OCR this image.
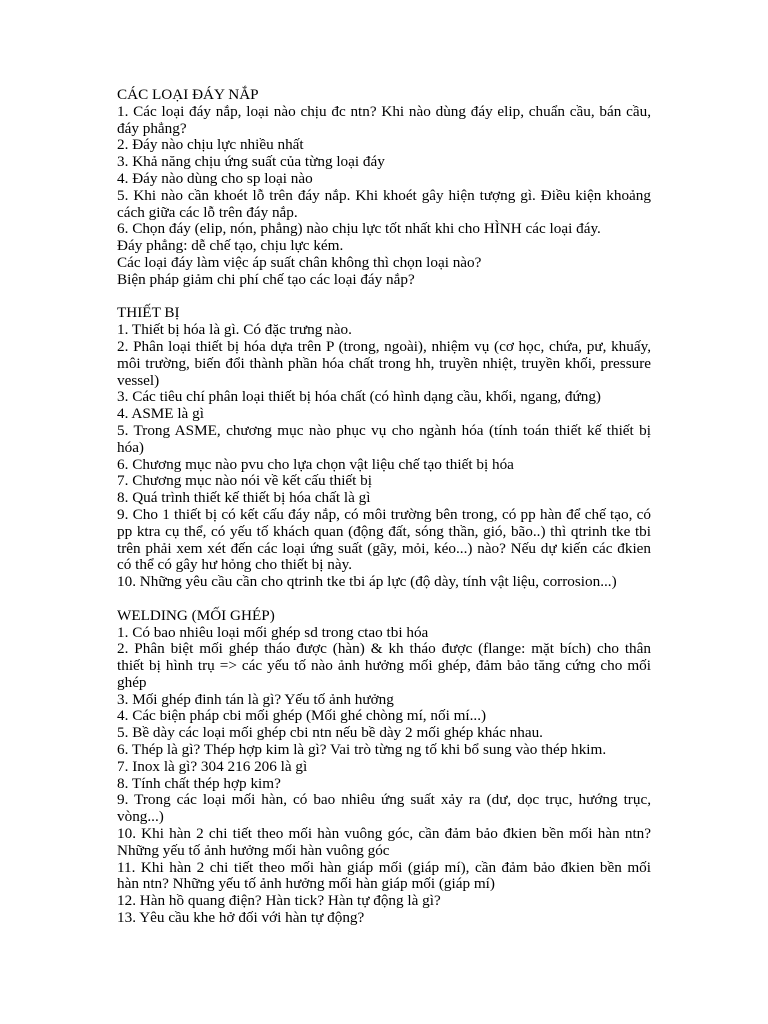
CÁC LOẠI ĐÁY NẮP
1. Các loại đáy nắp, loại nào chịu đc ntn? Khi nào dùng đáy elip, chuẩn cầu, bán cầu,
đáy phẳng?
2. Đáy nào chịu lực nhiều nhất
3. Khả năng chịu ứng suất của từng loại đáy
4. Đáy nào dùng cho sp loại nào
5. Khi nào cần khoét lỗ trên đáy nắp. Khi khoét gây hiện tượng gì. Điều kiện khoảng
cách giữa các lỗ trên đáy nắp.
6. Chọn đáy (elip, nón, phẳng) nào chịu lực tốt nhất khi cho HÌNH các loại đáy.
Đáy phẳng: dễ chế tạo, chịu lực kém.
Các loại đáy làm việc áp suất chân không thì chọn loại nào?
Biện pháp giảm chi phí chế tạo các loại đáy nắp?
THIẾT BỊ
1. Thiết bị hóa là gì. Có đặc trưng nào.
2. Phân loại thiết bị hóa dựa trên P (trong, ngoài), nhiệm vụ (cơ học, chứa, pư, khuấy,
môi trường, biến đổi thành phần hóa chất trong hh, truyền nhiệt, truyền khối, pressure
vessel)
3. Các tiêu chí phân loại thiết bị hóa chất (có hình dạng cầu, khối, ngang, đứng)
4. ASME là gì
5. Trong ASME, chương mục nào phục vụ cho ngành hóa (tính toán thiết kế thiết bị
hóa)
6. Chương mục nào pvu cho lựa chọn vật liệu chế tạo thiết bị hóa
7. Chương mục nào nói về kết cấu thiết bị
8. Quá trình thiết kế thiết bị hóa chất là gì
9. Cho 1 thiết bị có kết cấu đáy nắp, có môi trường bên trong, có pp hàn để chế tạo, có
pp ktra cụ thể, có yếu tố khách quan (động đất, sóng thần, gió, bão..) thì qtrinh tke tbi
trên phải xem xét đến các loại ứng suất (gãy, mỏi, kéo...) nào? Nếu dự kiến các đkien
có thể có gây hư hỏng cho thiết bị này.
10. Những yêu cầu cần cho qtrinh tke tbi áp lực (độ dày, tính vật liệu, corrosion...)
WELDING (MỐI GHÉP)
1. Có bao nhiêu loại mối ghép sd trong ctao tbi hóa
2. Phân biệt mối ghép tháo được (hàn) & kh tháo được (flange: mặt bích) cho thân
thiết bị hình trụ => các yếu tố nào ảnh hưởng mối ghép, đảm bảo tăng cứng cho mối
ghép
3. Mối ghép đinh tán là gì? Yếu tố ảnh hưởng
4. Các biện pháp cbi mối ghép (Mối ghé chòng mí, nối mí...)
5. Bề dày các loại mối ghép cbi ntn nếu bề dày 2 mối ghép khác nhau.
6. Thép là gì? Thép hợp kim là gì? Vai trò từng ng tố khi bổ sung vào thép hkim.
7. Inox là gì? 304 216 206 là gì
8. Tính chất thép hợp kim?
9. Trong các loại mối hàn, có bao nhiêu ứng suất xảy ra (dư, dọc trục, hướng trục,
vòng...)
10. Khi hàn 2 chi tiết theo mối hàn vuông góc, cần đảm bảo đkien bền mối hàn ntn?
Những yếu tố ảnh hưởng mối hàn vuông góc
11. Khi hàn 2 chi tiết theo mối hàn giáp mối (giáp mí), cần đảm bảo đkien bền mối
hàn ntn? Những yếu tố ảnh hưởng mối hàn giáp mối (giáp mí)
12. Hàn hồ quang điện? Hàn tick? Hàn tự động là gì?
13. Yêu cầu khe hở đối với hàn tự động?
